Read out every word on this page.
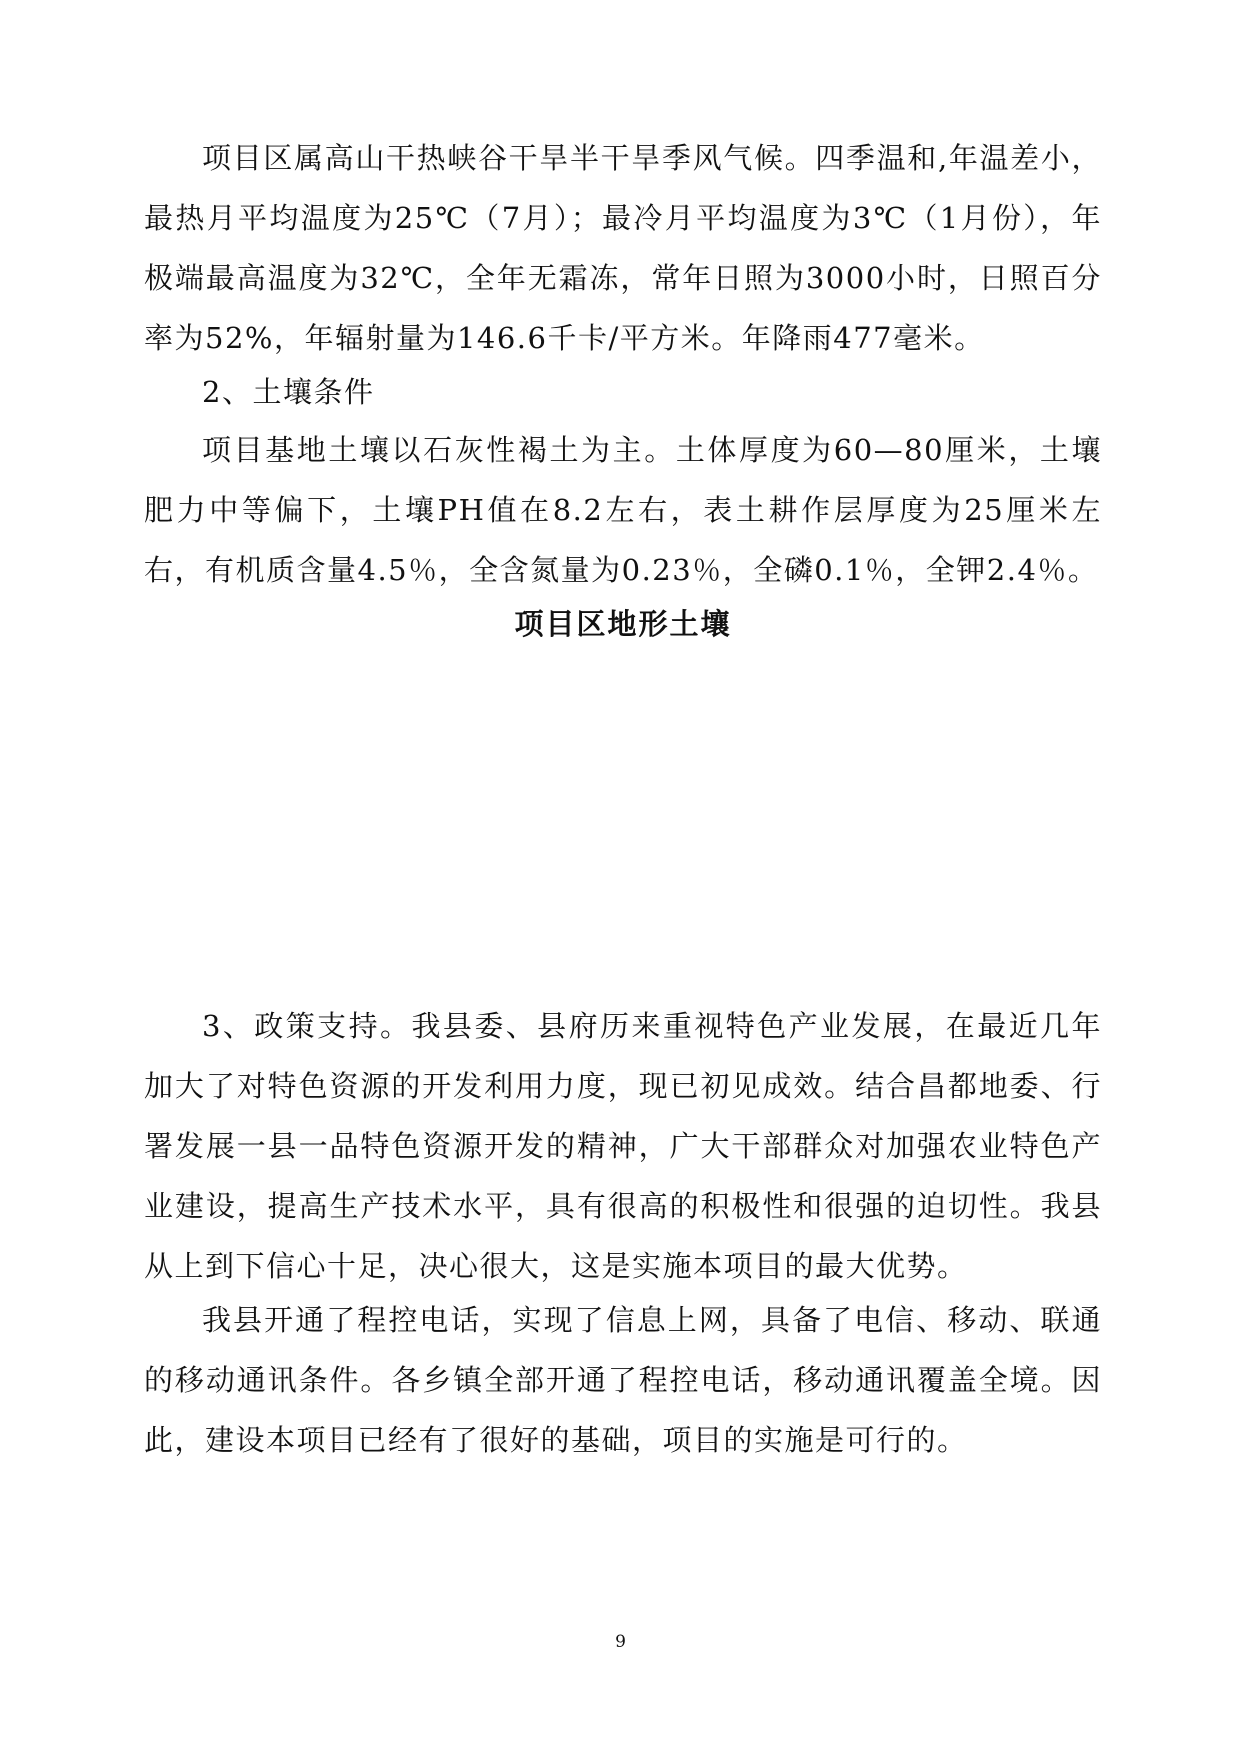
项目区属高山干热峡谷干旱半干旱季风气候。四季温和,年温差小，最热月平均温度为25℃（7月）；最冷月平均温度为3℃（1月份），年极端最高温度为32℃，全年无霜冻，常年日照为3000小时，日照百分率为52%，年辐射量为146.6千卡/平方米。年降雨477毫米。

2、土壤条件

项目基地土壤以石灰性褐土为主。土体厚度为60—80厘米，土壤肥力中等偏下，土壤PH值在8.2左右，表土耕作层厚度为25厘米左右，有机质含量4.5％，全含氮量为0.23％，全磷0.1％，全钾2.4％。

项目区地形土壤

3、政策支持。我县委、县府历来重视特色产业发展，在最近几年加大了对特色资源的开发利用力度，现已初见成效。结合昌都地委、行署发展一县一品特色资源开发的精神，广大干部群众对加强农业特色产业建设，提高生产技术水平，具有很高的积极性和很强的迫切性。我县从上到下信心十足，决心很大，这是实施本项目的最大优势。

我县开通了程控电话，实现了信息上网，具备了电信、移动、联通的移动通讯条件。各乡镇全部开通了程控电话，移动通讯覆盖全境。因此，建设本项目已经有了很好的基础，项目的实施是可行的。

9
